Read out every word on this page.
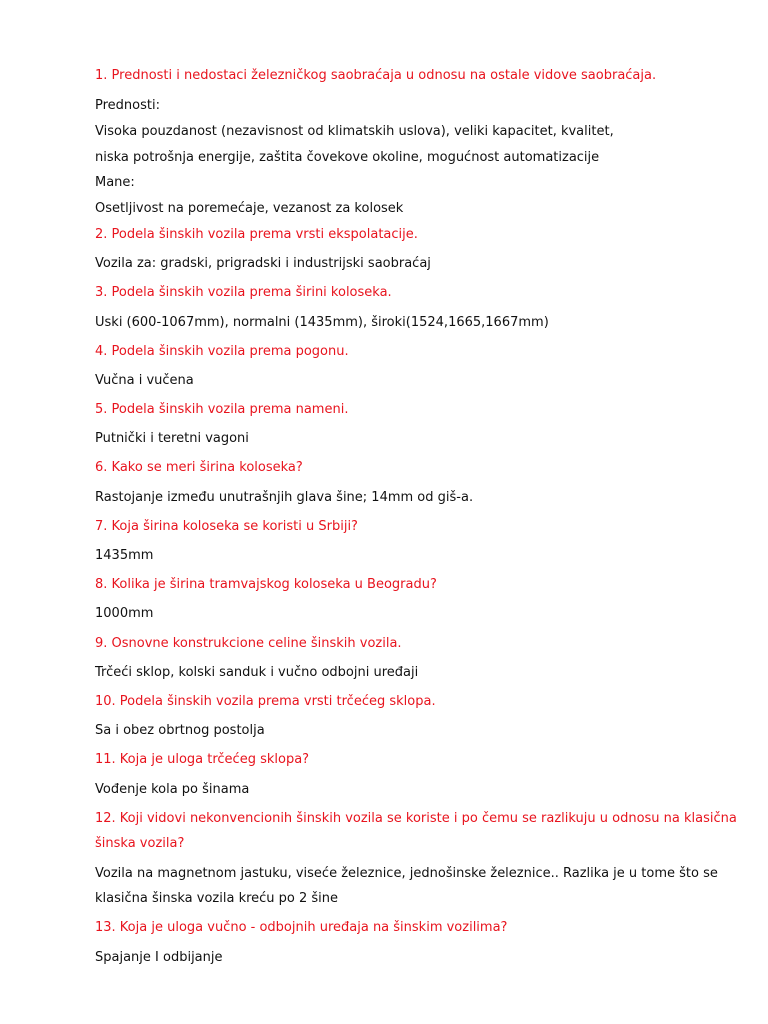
1. Prednosti i nedostaci železničkog saobraćaja u odnosu na ostale vidove saobraćaja.
Prednosti:
Visoka pouzdanost (nezavisnost od klimatskih uslova), veliki kapacitet, kvalitet,
niska potrošnja energije, zaštita čovekove okoline, mogućnost automatizacije
Mane:
Osetljivost na poremećaje, vezanost za kolosek
2. Podela šinskih vozila prema vrsti ekspolatacije.
Vozila za: gradski, prigradski i industrijski saobraćaj
3. Podela šinskih vozila prema širini koloseka.
Uski (600-1067mm), normalni (1435mm), široki(1524,1665,1667mm)
4. Podela šinskih vozila prema pogonu.
Vučna i vučena
5. Podela šinskih vozila prema nameni.
Putnički i teretni vagoni
6. Kako se meri širina koloseka?
Rastojanje između unutrašnjih glava šine; 14mm od giš-a.
7. Koja širina koloseka se koristi u Srbiji?
1435mm
8. Kolika je širina tramvajskog koloseka u Beogradu?
1000mm
9. Osnovne konstrukcione celine šinskih vozila.
Trčeći sklop, kolski sanduk i vučno odbojni uređaji
10. Podela šinskih vozila prema vrsti trčećeg sklopa.
Sa i obez obrtnog postolja
11. Koja je uloga trčećeg sklopa?
Vođenje kola po šinama
12. Koji vidovi nekonvencionih šinskih vozila se koriste i po čemu se razlikuju u odnosu na klasična
šinska vozila?
Vozila na magnetnom jastuku, viseće železnice, jednošinske železnice.. Razlika je u tome što se
klasična šinska vozila kreću po 2 šine
13. Koja je uloga vučno - odbojnih uređaja na šinskim vozilima?
Spajanje I odbijanje
